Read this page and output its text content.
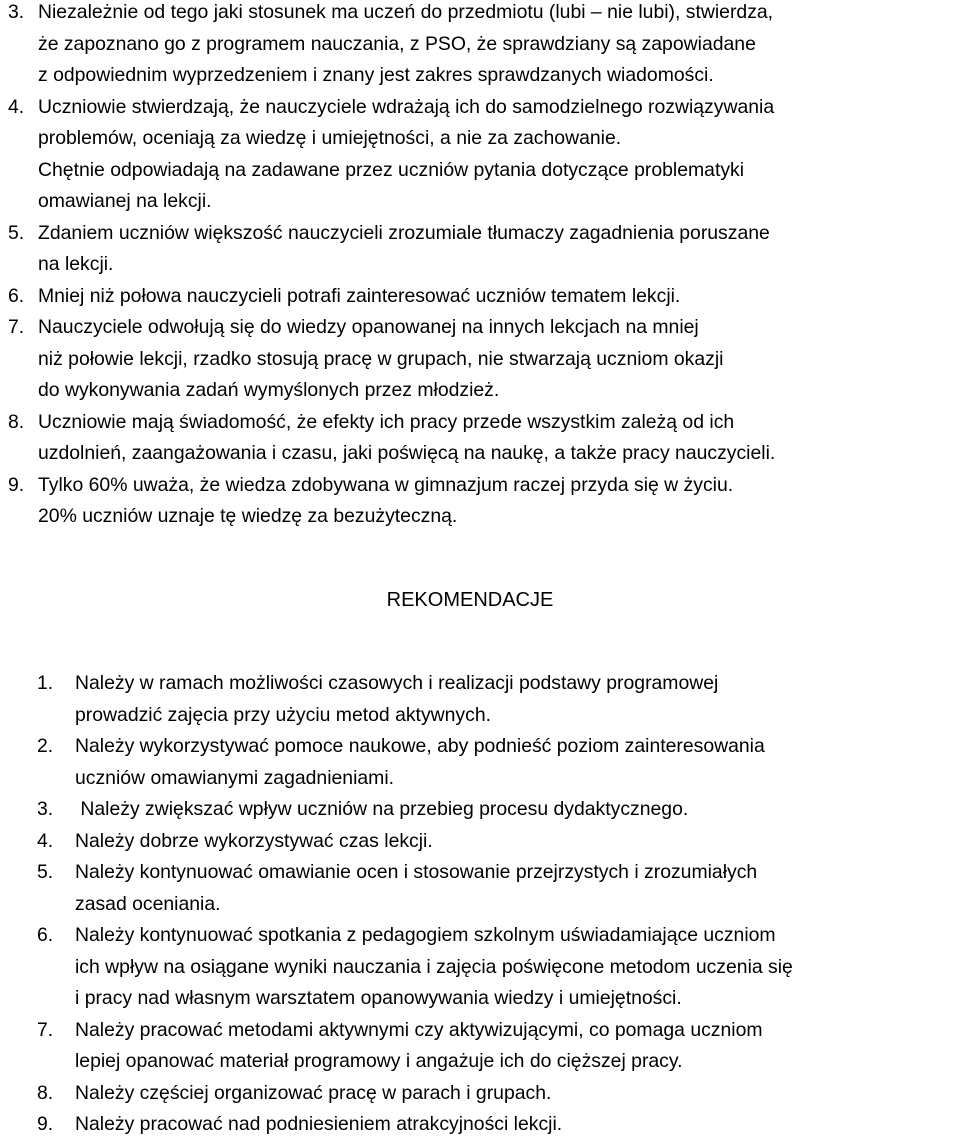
3. Niezależnie od tego jaki stosunek ma uczeń do przedmiotu (lubi – nie lubi), stwierdza,
że zapoznano go z programem nauczania, z PSO, że sprawdziany są zapowiadane
z odpowiednim wyprzedzeniem i znany jest zakres sprawdzanych wiadomości.
4. Uczniowie stwierdzają, że nauczyciele wdrażają ich do samodzielnego rozwiązywania
problemów, oceniają za wiedzę i umiejętności, a nie za zachowanie.
Chętnie odpowiadają na zadawane przez uczniów pytania dotyczące problematyki
omawianej na lekcji.
5. Zdaniem uczniów większość nauczycieli zrozumiale tłumaczy zagadnienia poruszane
na lekcji.
6. Mniej niż połowa nauczycieli potrafi zainteresować uczniów tematem lekcji.
7. Nauczyciele odwołują się do wiedzy opanowanej na innych lekcjach na mniej
niż połowie lekcji, rzadko stosują pracę w grupach, nie stwarzają uczniom okazji
do wykonywania zadań wymyślonych przez młodzież.
8. Uczniowie mają świadomość, że efekty ich pracy przede wszystkim zależą od ich
uzdolnień, zaangażowania i czasu, jaki poświęcą na naukę, a także pracy nauczycieli.
9. Tylko 60% uważa, że wiedza zdobywana w gimnazjum raczej przyda się w życiu.
20% uczniów uznaje tę wiedzę za bezużyteczną.
REKOMENDACJE
1.	Należy w ramach możliwości czasowych i realizacji podstawy programowej
prowadzić zajęcia przy użyciu metod aktywnych.
2.	Należy wykorzystywać pomoce naukowe, aby podnieść poziom zainteresowania
uczniów omawianymi zagadnieniami.
3.	Należy zwiększać wpływ uczniów na przebieg procesu dydaktycznego.
4.	Należy dobrze wykorzystywać czas lekcji.
5.	Należy kontynuować omawianie ocen i stosowanie przejrzystych i zrozumiałych
zasad oceniania.
6.	Należy kontynuować spotkania z pedagogiem szkolnym uświadamiające uczniom
ich wpływ na osiągane wyniki nauczania i zajęcia poświęcone metodom uczenia się
i pracy nad własnym warsztatem opanowywania wiedzy i umiejętności.
7.	Należy pracować metodami aktywnymi czy aktywizującymi, co pomaga uczniom
lepiej opanować materiał programowy i angażuje ich do cięższej pracy.
8.	Należy częściej organizować pracę w parach i grupach.
9.	Należy pracować nad podniesieniem atrakcyjności lekcji.
